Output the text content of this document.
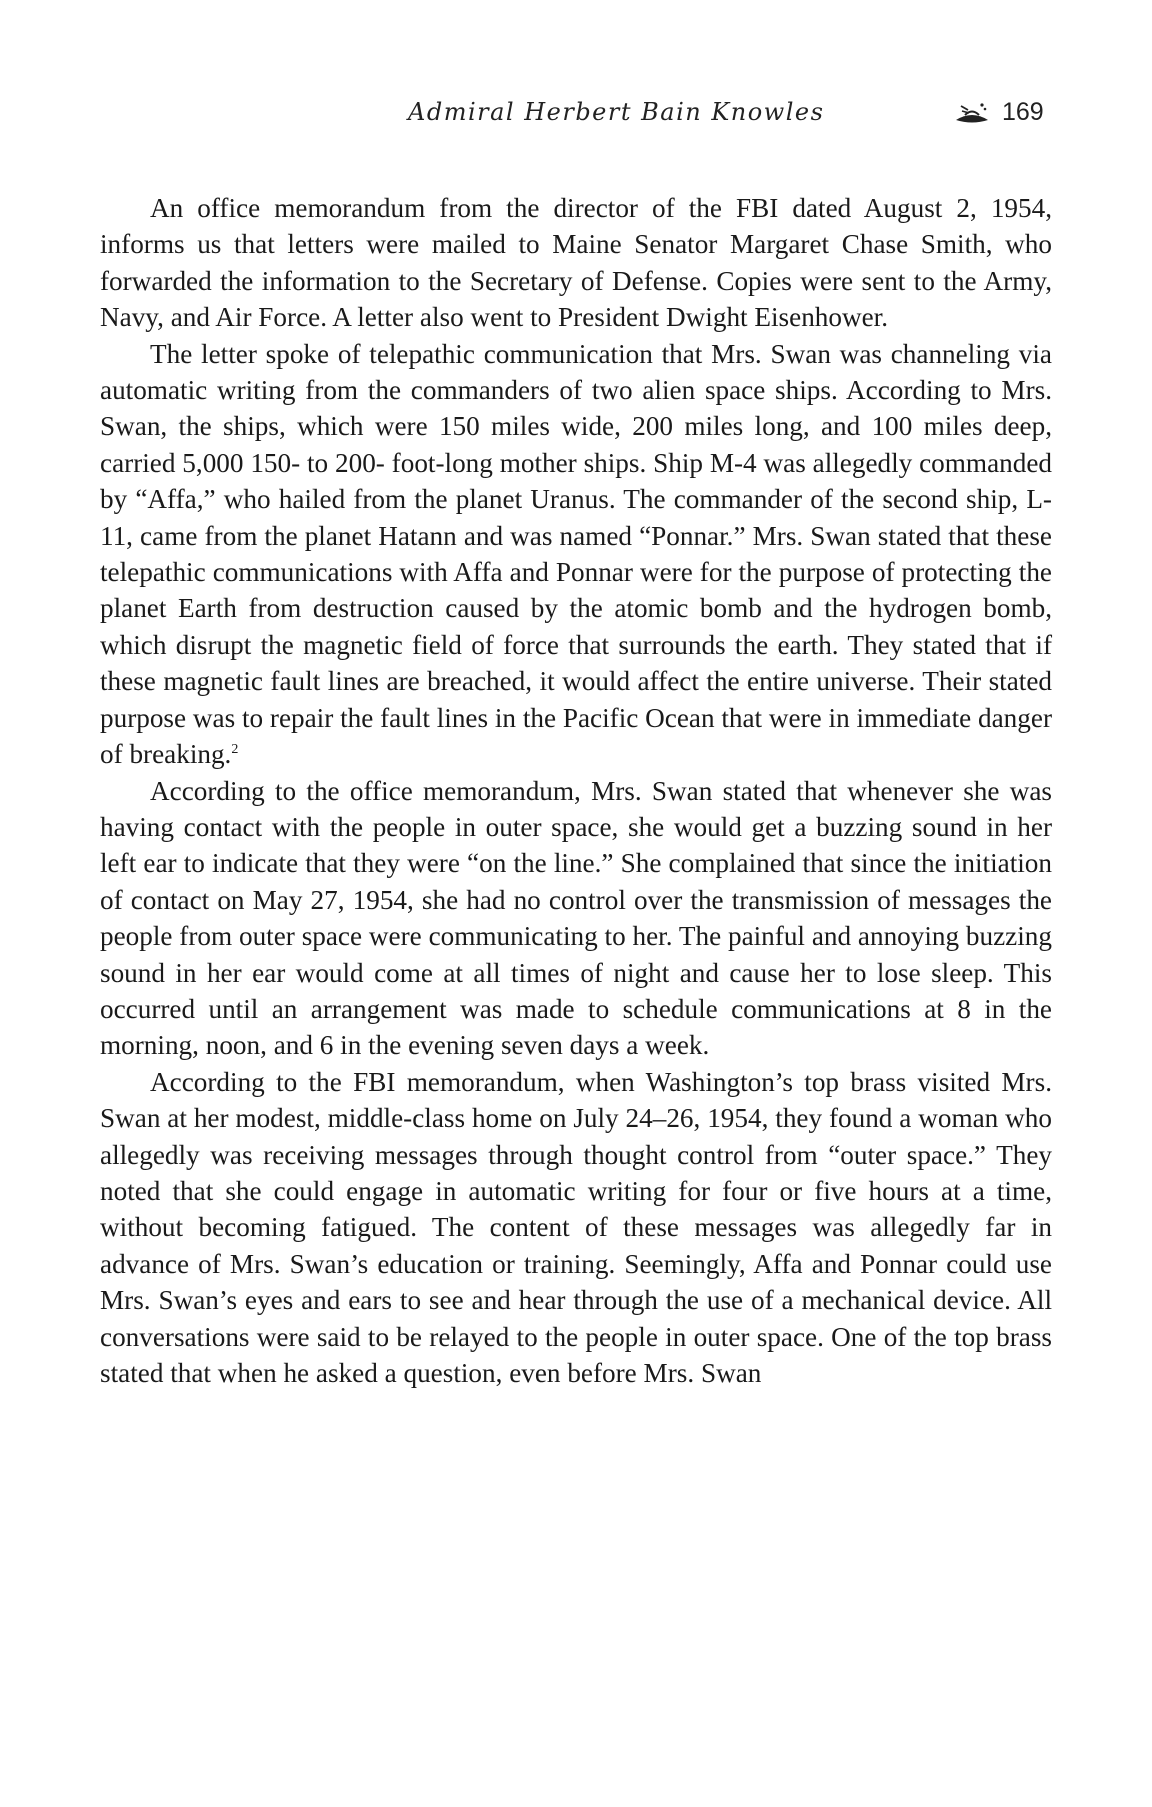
Admiral Herbert Bain Knowles	169

An office memorandum from the director of the FBI dated August 2, 1954, informs us that letters were mailed to Maine Senator Margaret Chase Smith, who forwarded the information to the Secretary of Defense. Copies were sent to the Army, Navy, and Air Force. A letter also went to President Dwight Eisenhower.

The letter spoke of telepathic communication that Mrs. Swan was channeling via automatic writing from the commanders of two alien space ships. According to Mrs. Swan, the ships, which were 150 miles wide, 200 miles long, and 100 miles deep, carried 5,000 150- to 200- foot-long mother ships. Ship M-4 was allegedly commanded by “Affa,” who hailed from the planet Uranus. The commander of the second ship, L-11, came from the planet Hatann and was named “Ponnar.” Mrs. Swan stated that these telepathic communications with Affa and Ponnar were for the purpose of protecting the planet Earth from destruction caused by the atomic bomb and the hydrogen bomb, which disrupt the magnetic field of force that surrounds the earth. They stated that if these magnetic fault lines are breached, it would affect the entire universe. Their stated purpose was to repair the fault lines in the Pacific Ocean that were in immediate danger of breaking.$^2$

According to the office memorandum, Mrs. Swan stated that whenever she was having contact with the people in outer space, she would get a buzzing sound in her left ear to indicate that they were “on the line.” She complained that since the initiation of contact on May 27, 1954, she had no control over the transmission of messages the people from outer space were communicating to her. The painful and annoying buzzing sound in her ear would come at all times of night and cause her to lose sleep. This occurred until an arrangement was made to schedule communications at 8 in the morning, noon, and 6 in the evening seven days a week.

According to the FBI memorandum, when Washington’s top brass visited Mrs. Swan at her modest, middle-class home on July 24–26, 1954, they found a woman who allegedly was receiving messages through thought control from “outer space.” They noted that she could engage in automatic writing for four or five hours at a time, without becoming fatigued. The content of these messages was allegedly far in advance of Mrs. Swan’s education or training. Seemingly, Affa and Ponnar could use Mrs. Swan’s eyes and ears to see and hear through the use of a mechanical device. All conversations were said to be relayed to the people in outer space. One of the top brass stated that when he asked a question, even before Mrs. Swan
